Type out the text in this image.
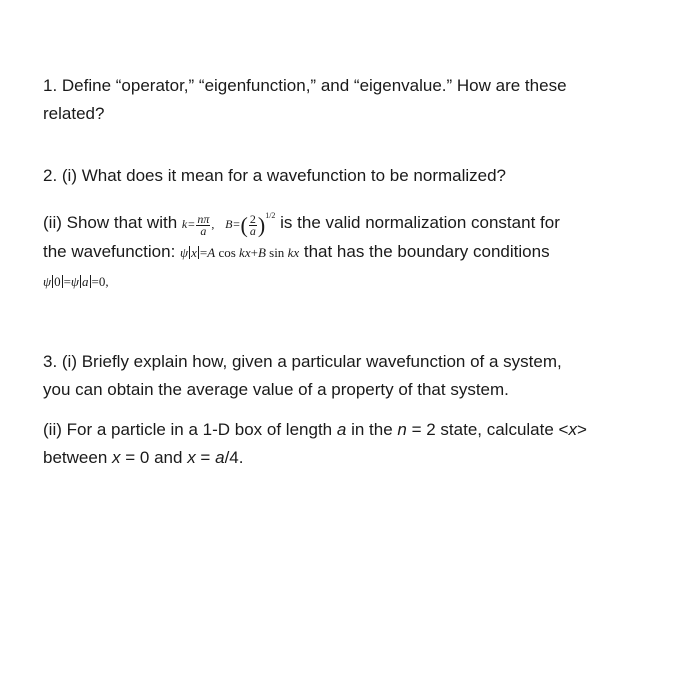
1. Define “operator,” “eigenfunction,” and “eigenvalue.” How are these

related?

2. (i) What does it mean for a wavefunction to be normalized?

(ii) Show that with $k= \frac{n\pi}{a}$ , $B=( \frac{2}{a} )^{1/2}$ is the valid normalization constant for

the wavefunction: ψ x =A cos kx+B sin kx that has the boundary conditions

ψ 0 =ψ a =0,

3. (i) Briefly explain how, given a particular wavefunction of a system,

you can obtain the average value of a property of that system.

(ii) For a particle in a 1-D box of length a in the n = 2 state, calculate <x>

between x = 0 and x = a/4.
